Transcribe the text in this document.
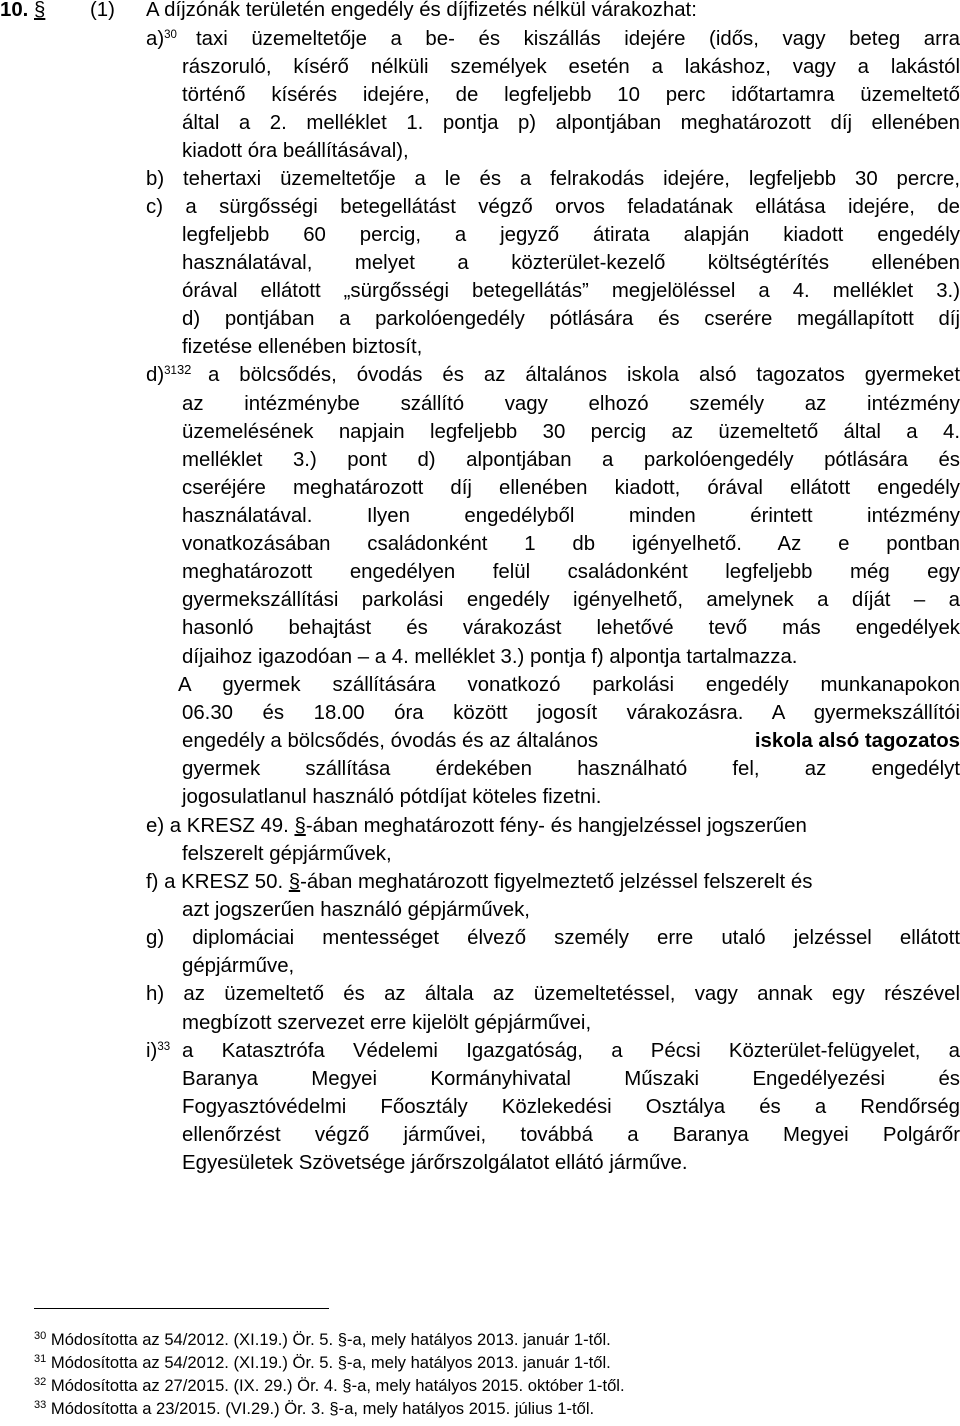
10. § (1) A díjzónák területén engedély és díjfizetés nélkül várakozhat:
a)$^{30}$ taxi üzemeltetője a be- és kiszállás idejére (idős, vagy beteg arra
rászoruló, kísérő nélküli személyek esetén a lakáshoz, vagy a lakástól
történő kísérés idejére, de legfeljebb 10 perc időtartamra üzemeltető
által a 2. melléklet 1. pontja p) alpontjában meghatározott díj ellenében
kiadott óra beállításával),
b) tehertaxi üzemeltetője a le és a felrakodás idejére, legfeljebb 30 percre,
c) a sürgősségi betegellátást végző orvos feladatának ellátása idejére, de
legfeljebb 60 percig, a jegyző átirata alapján kiadott engedély
használatával, melyet a közterület-kezelő költségtérítés ellenében
órával ellátott „sürgősségi betegellátás” megjelöléssel a 4. melléklet 3.)
d) pontjában a parkolóengedély pótlására és cserére megállapított díj
fizetése ellenében biztosít,
d)$^{3132}$ a bölcsődés, óvodás és az általános iskola alsó tagozatos gyermeket
az intézménybe szállító vagy elhozó személy az intézmény
üzemelésének napjain legfeljebb 30 percig az üzemeltető által a 4.
melléklet 3.) pont d) alpontjában a parkolóengedély pótlására és
cseréjére meghatározott díj ellenében kiadott, órával ellátott engedély
használatával. Ilyen engedélyből minden érintett intézmény
vonatkozásában családonként 1 db igényelhető. Az e pontban
meghatározott engedélyen felül családonként legfeljebb még egy
gyermekszállítási parkolási engedély igényelhető, amelynek a díját – a
hasonló behajtást és várakozást lehetővé tevő más engedélyek
díjaihoz igazodóan – a 4. melléklet 3.) pontja f) alpontja tartalmazza.
A gyermek szállítására vonatkozó parkolási engedély munkanapokon
06.30 és 18.00 óra között jogosít várakozásra. A gyermekszállítói
engedély a bölcsődés, óvodás és az általános	iskola alsó tagozatos
gyermek szállítása érdekében használható fel, az engedélyt
jogosulatlanul használó pótdíjat köteles fizetni.
e) a KRESZ 49. §-ában meghatározott fény- és hangjelzéssel jogszerűen
felszerelt gépjárművek,
f) a KRESZ 50. §-ában meghatározott figyelmeztető jelzéssel felszerelt és
azt jogszerűen használó gépjárművek,
g) diplomáciai mentességet élvező személy erre utaló jelzéssel ellátott
gépjárműve,
h) az üzemeltető és az általa az üzemeltetéssel, vagy annak egy részével
megbízott szervezet erre kijelölt gépjárművei,
i)$^{33}$ a Katasztrófa Védelemi Igazgatóság, a Pécsi Közterület-felügyelet, a
Baranya Megyei Kormányhivatal Műszaki Engedélyezési és
Fogyasztóvédelmi Főosztály Közlekedési Osztálya és a Rendőrség
ellenőrzést végző járművei, továbbá a Baranya Megyei Polgárőr
Egyesületek Szövetsége járőrszolgálatot ellátó járműve.
$^{30}$ Módosította az 54/2012. (XI.19.) Ör. 5. §-a, mely hatályos 2013. január 1-től.
$^{31}$ Módosította az 54/2012. (XI.19.) Ör. 5. §-a, mely hatályos 2013. január 1-től.
$^{32}$ Módosította az 27/2015. (IX. 29.) Ör. 4. §-a, mely hatályos 2015. október 1-től.
$^{33}$ Módosította a 23/2015. (VI.29.) Ör. 3. §-a, mely hatályos 2015. július 1-től.
